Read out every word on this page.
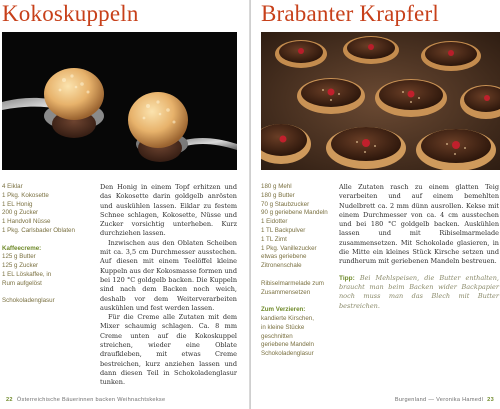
Kokoskuppeln
4 Eiklar
1 Pkg. Kokosette
1 EL Honig
200 g Zucker
1 Handvoll Nüsse
1 Pkg. Carlsbader Oblaten
Kaffeecreme:
125 g Butter
125 g Zucker
1 EL Löskaffee, in
Rum aufgelöst
Schokoladenglasur

Den Honig in einem Topf erhitzen und das Kokosette darin goldgelb anrösten und auskühlen lassen. Eiklar zu festem Schnee schlagen, Kokosette, Nüsse und Zucker vorsichtig unterheben. Kurz durchziehen lassen.

Inzwischen aus den Oblaten Scheiben mit ca. 3,5 cm Durchmesser ausstechen. Auf diesen mit einem Teelöffel kleine Kuppeln aus der Kokosmasse formen und bei 120 °C goldgelb backen. Die Kuppeln sind nach dem Backen noch weich, deshalb vor dem Weiterverarbeiten auskühlen und fest werden lassen.

Für die Creme alle Zutaten mit dem Mixer schaumig schlagen. Ca. 8 mm Creme unten auf die Kokoskuppel streichen, wieder eine Oblate draufkleben, mit etwas Creme bestreichen, kurz anziehen lassen und dann diesen Teil in Schokoladenglasur tunken.

22 Österreichische Bäuerinnen backen Weihnachtskekse
Brabanter Krapferl
180 g Mehl
180 g Butter
70 g Staubzucker
90 g geriebene Mandeln
1 Eidotter
1 TL Backpulver
1 TL Zimt
1 Pkg. Vanillezucker
etwas geriebene
Zitronenschale
Ribiselmarmelade zum
Zusammensetzen
Zum Verzieren:
kandierte Kirschen,
in kleine Stücke
geschnitten
geriebene Mandeln
Schokoladenglasur

Alle Zutaten rasch zu einem glatten Teig verarbeiten und auf einem bemehlten Nudelbrett ca. 2 mm dünn ausrollen. Kekse mit einem Durchmesser von ca. 4 cm ausstechen und bei 180 °C goldgelb backen. Auskühlen lassen und mit Ribiselmarmelade zusammensetzen. Mit Schokolade glasieren, in die Mitte ein kleines Stück Kirsche setzen und rundherum mit geriebenen Mandeln bestreuen.

Tipp: Bei Mehlspeisen, die Butter enthalten, braucht man beim Backen wider Backpapier noch muss man das Blech mit Butter bestreichen.

Burgenland — Veronika Hamedl 23
